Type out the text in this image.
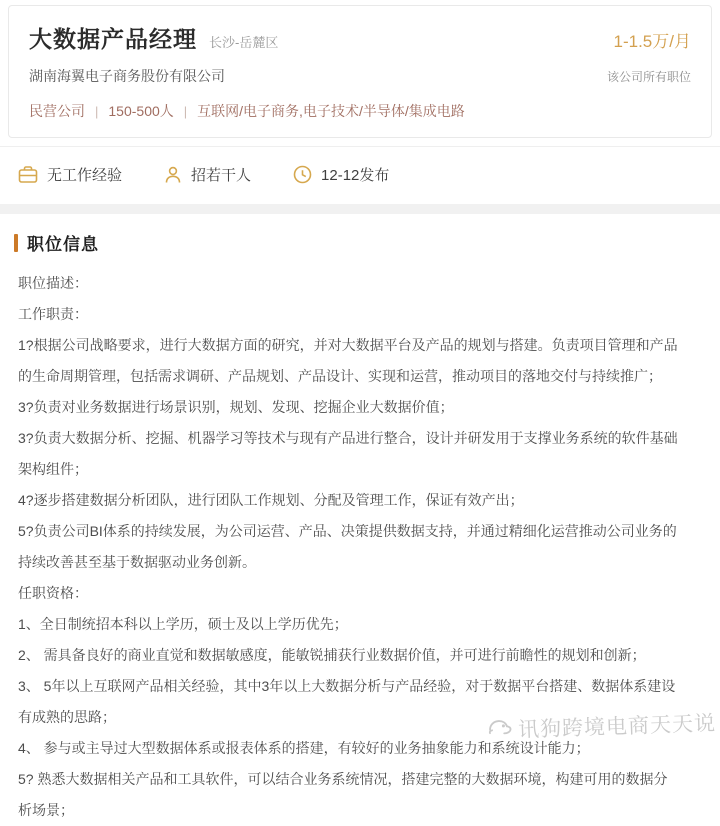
大数据产品经理 长沙-岳麓区	1-1.5万/月
湖南海翼电子商务股份有限公司	该公司所有职位
民营公司 | 150-500人 | 互联网/电子商务,电子技术/半导体/集成电路
无工作经验	招若干人	12-12发布
职位信息

职位描述：

工作职责：

1?根据公司战略要求，进行大数据方面的研究，并对大数据平台及产品的规划与搭建。负责项目管理和产品的生命周期管理，包括需求调研、产品规划、产品设计、实现和运营，推动项目的落地交付与持续推广；

3?负责对业务数据进行场景识别，规划、发现、挖掘企业大数据价值；

3?负责大数据分析、挖掘、机器学习等技术与现有产品进行整合，设计并研发用于支撑业务系统的软件基础架构组件；

4?逐步搭建数据分析团队，进行团队工作规划、分配及管理工作，保证有效产出；

5?负责公司BI体系的持续发展，为公司运营、产品、决策提供数据支持，并通过精细化运营推动公司业务的持续改善甚至基于数据驱动业务创新。

任职资格：

1、全日制统招本科以上学历，硕士及以上学历优先；

2、 需具备良好的商业直觉和数据敏感度，能敏锐捕获行业数据价值，并可进行前瞻性的规划和创新；

3、 5年以上互联网产品相关经验，其中3年以上大数据分析与产品经验，对于数据平台搭建、数据体系建设有成熟的思路；

4、 参与或主导过大型数据体系或报表体系的搭建，有较好的业务抽象能力和系统设计能力；

5? 熟悉大数据相关产品和工具软件，可以结合业务系统情况，搭建完整的大数据环境，构建可用的数据分析场景；

讯狗跨境电商天天说
